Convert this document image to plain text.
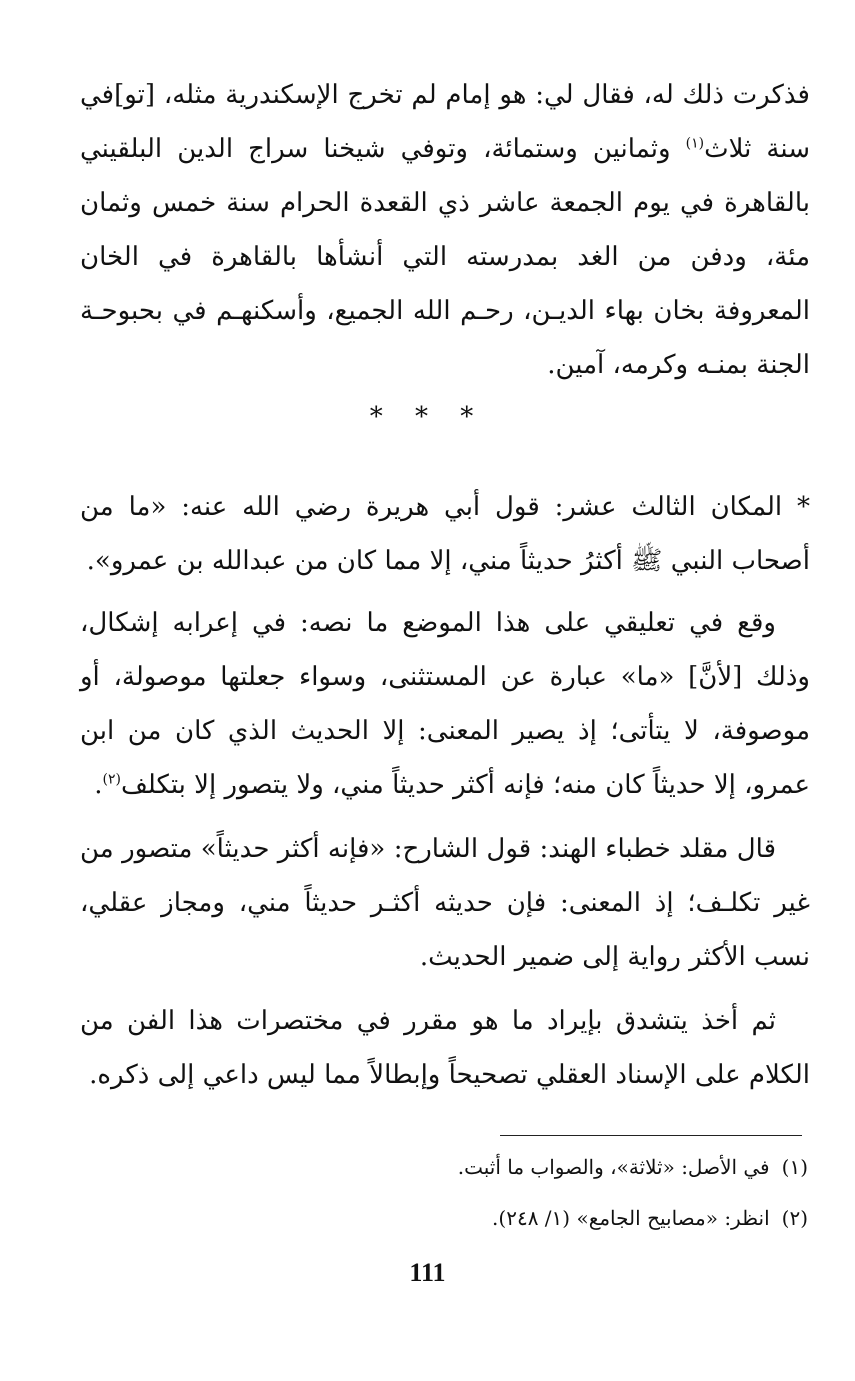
فذكرت ذلك له، فقال لي: هو إمام لم تخرج الإسكندرية مثله، [تو]في سنة ثلاث$^{(١)}$ وثمانين وستمائة، وتوفي شيخنا سراج الدين البلقيني بالقاهرة في يوم الجمعة عاشر ذي القعدة الحرام سنة خمس وثمان مئة، ودفن من الغد بمدرسته التي أنشأها بالقاهرة في الخان المعروفة بخان بهاء الديـن، رحـم الله الجميع، وأسكنهـم في بحبوحـة الجنة بمنـه وكرمه، آمين.

* * *

* المكان الثالث عشر: قول أبي هريرة رضي الله عنه: «ما من أصحاب النبي ﷺ أكثرُ حديثاً مني، إلا مما كان من عبدالله بن عمرو».

وقع في تعليقي على هذا الموضع ما نصه: في إعرابه إشكال، وذلك [لأنَّ] «ما» عبارة عن المستثنى، وسواء جعلتها موصولة، أو موصوفة، لا يتأتى؛ إذ يصير المعنى: إلا الحديث الذي كان من ابن عمرو، إلا حديثاً كان منه؛ فإنه أكثر حديثاً مني، ولا يتصور إلا بتكلف$^{(٢)}$.

قال مقلد خطباء الهند: قول الشارح: «فإنه أكثر حديثاً» متصور من غير تكلـف؛ إذ المعنى: فإن حديثه أكثـر حديثاً مني، ومجاز عقلي، نسب الأكثر رواية إلى ضمير الحديث.

ثم أخذ يتشدق بإيراد ما هو مقرر في مختصرات هذا الفن من الكلام على الإسناد العقلي تصحيحاً وإبطالاً مما ليس داعي إلى ذكره.

(١)في الأصل: «ثلاثة»، والصواب ما أثبت.

(٢)انظر: «مصابيح الجامع» (١/ ٢٤٨).

111
